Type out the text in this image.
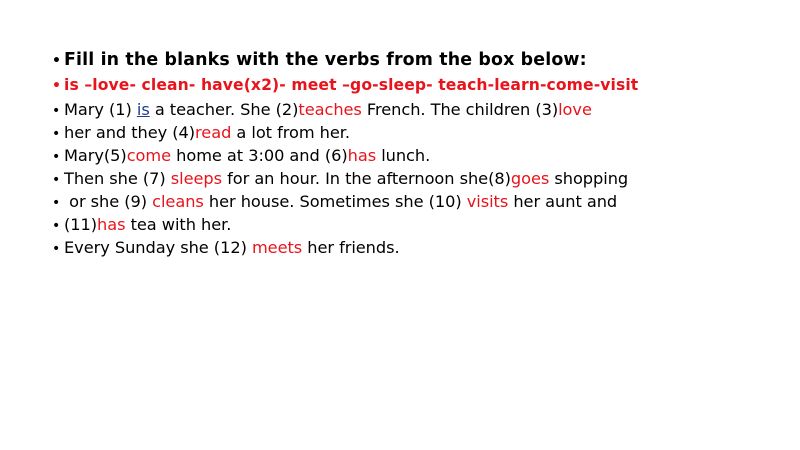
•
Fill in the blanks with the verbs from the box below:
•
is –love- clean- have(x2)- meet –go-sleep- teach-learn-come-visit
•
Mary (1) is a teacher. She (2)teaches French. The children (3)love
•
her and they (4)read a lot from her.
•
Mary(5)come home at 3:00 and (6)has lunch.
•
Then she (7) sleeps for an hour. In the afternoon she(8)goes shopping
•
or she (9) cleans her house. Sometimes she (10) visits her aunt and
•
(11)has tea with her.
•
Every Sunday she (12) meets her friends.
